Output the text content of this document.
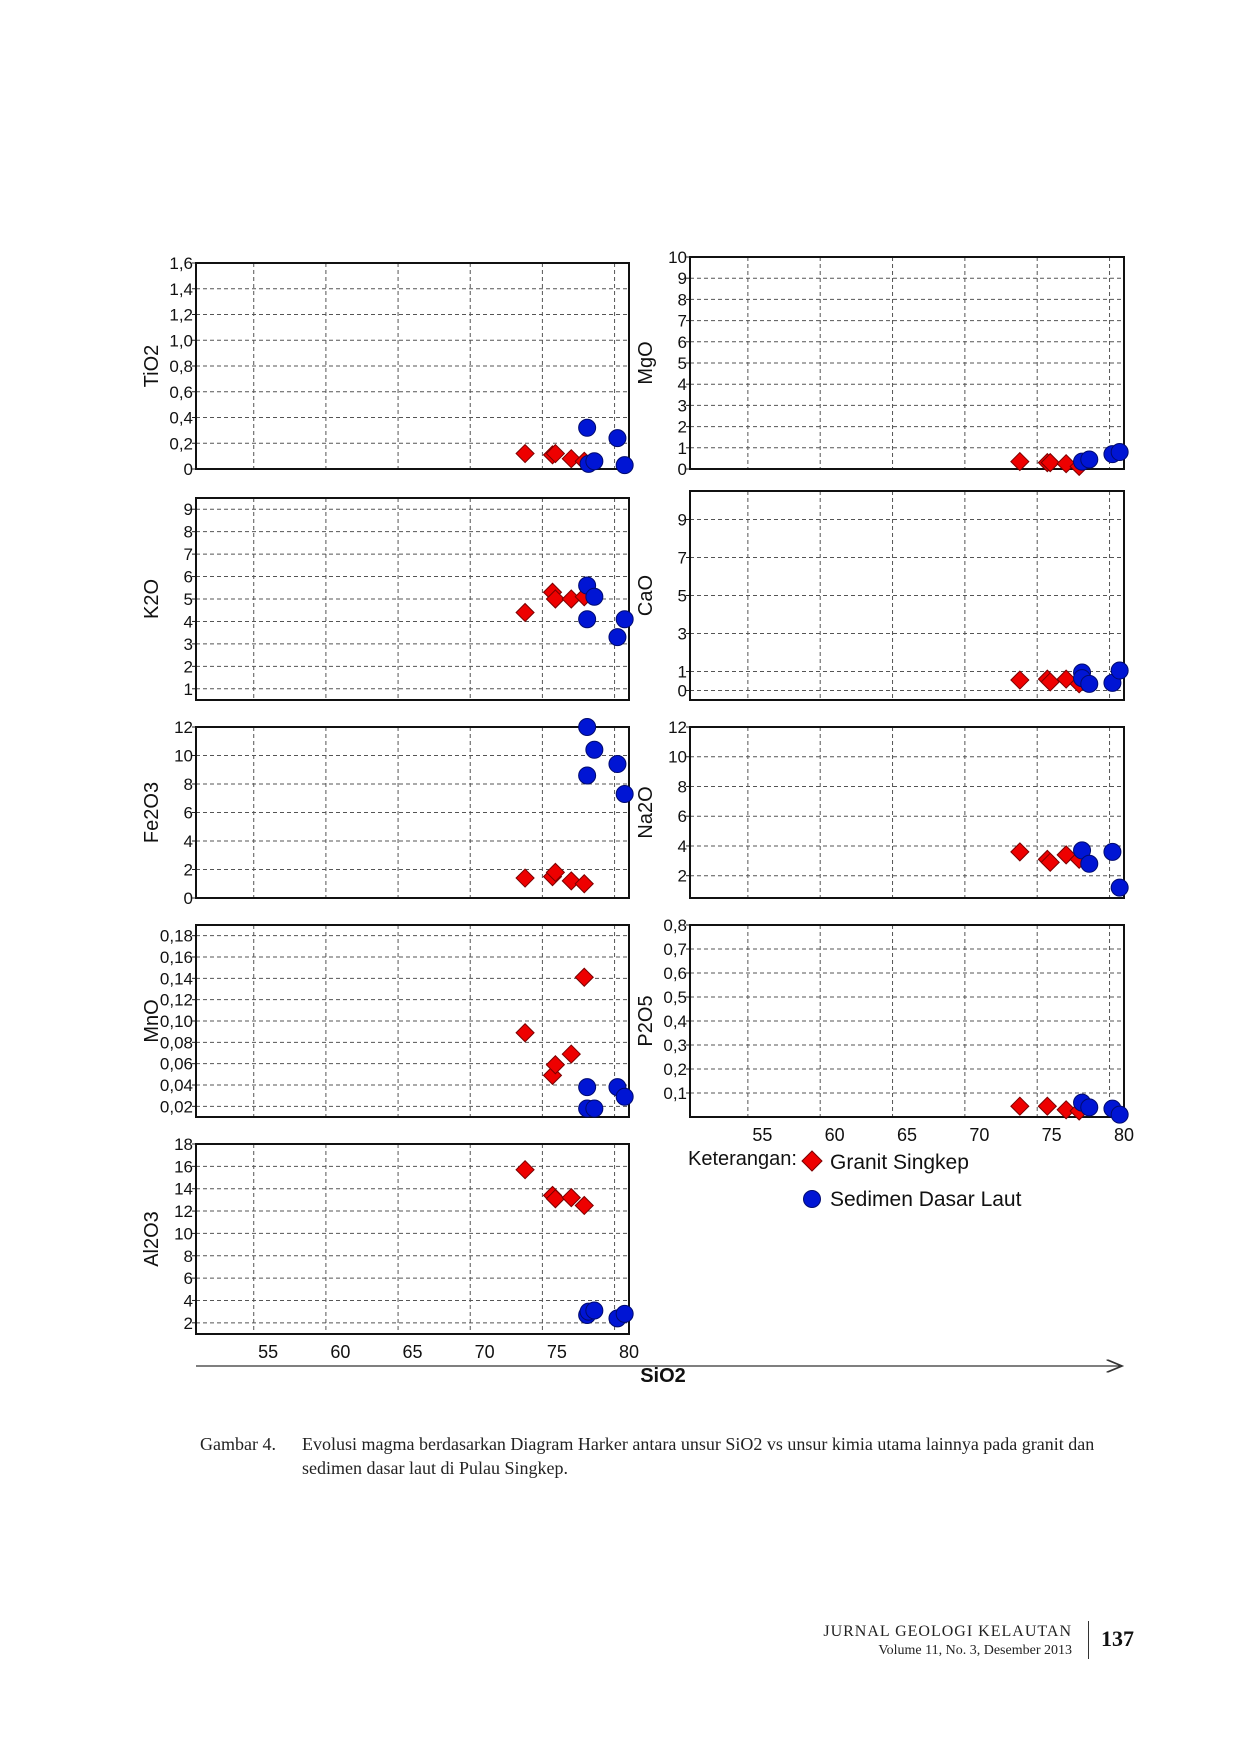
0
0,2
0,4
0,6
0,8
1,0
1,2
1,4
1,6
TiO2
0
1
2
3
4
5
6
7
8
9
10
MgO
1
2
3
4
5
6
7
8
9
K2O
0
1
3
5
7
9
CaO
0
2
4
6
8
10
12
Fe2O3
2
4
6
8
10
12
Na2O
0,02
0,04
0,06
0,08
0,10
0,12
0,14
0,16
0,18
MnO
0,1
0,2
0,3
0,4
0,5
0,6
0,7
0,8
P2O5
55	60	65	70	75	80
2
4
6
8
10
12
14
16
18
Al2O3
55	60	65	70	75	80
SiO2
Keterangan: Granit Singkep
Sedimen Dasar Laut
Gambar 4. Evolusi magma berdasarkan Diagram Harker antara unsur SiO2 vs unsur kimia utama lainnya pada granit dan sedimen dasar laut di Pulau Singkep.
JURNAL GEOLOGI KELAUTAN
Volume 11, No. 3, Desember 2013	137
